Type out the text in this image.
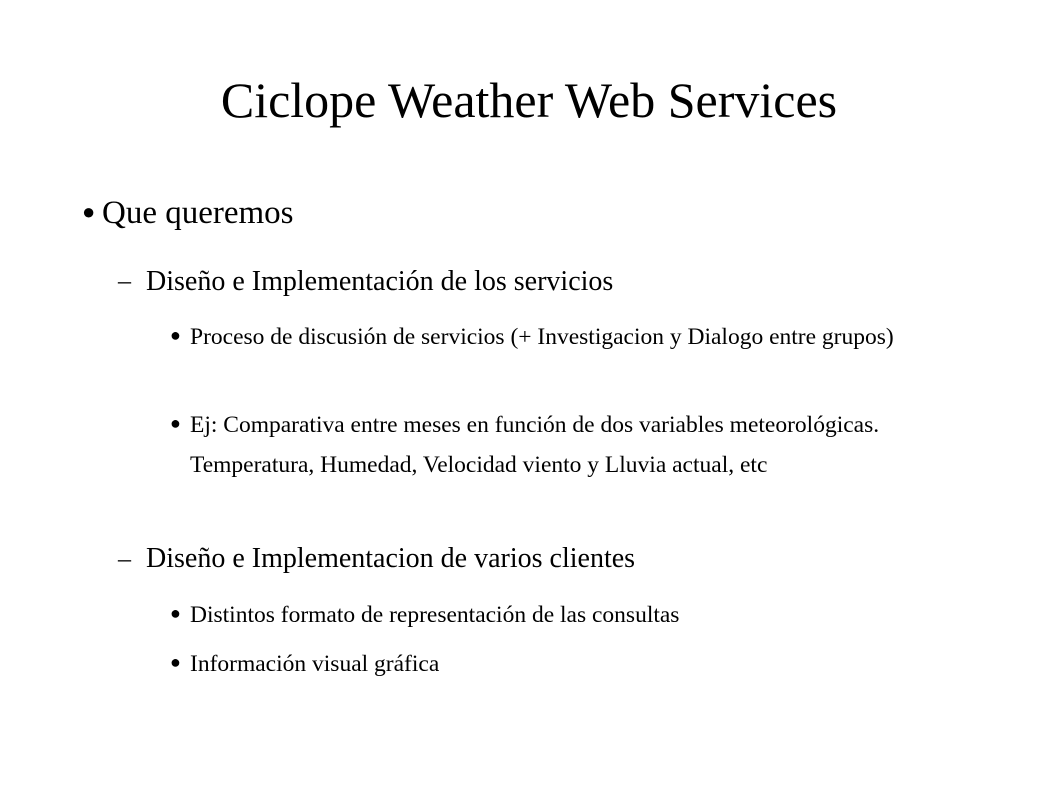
Ciclope Weather Web Services
● Que queremos
– Diseño e Implementación de los servicios
● Proceso de discusión de servicios (+ Investigacion y Dialogo entre grupos)
● Ej: Comparativa entre meses en función de dos variables meteorológicas. Temperatura, Humedad, Velocidad viento y Lluvia actual, etc
– Diseño e Implementacion de varios clientes
● Distintos formato de representación de las consultas
● Información visual gráfica
